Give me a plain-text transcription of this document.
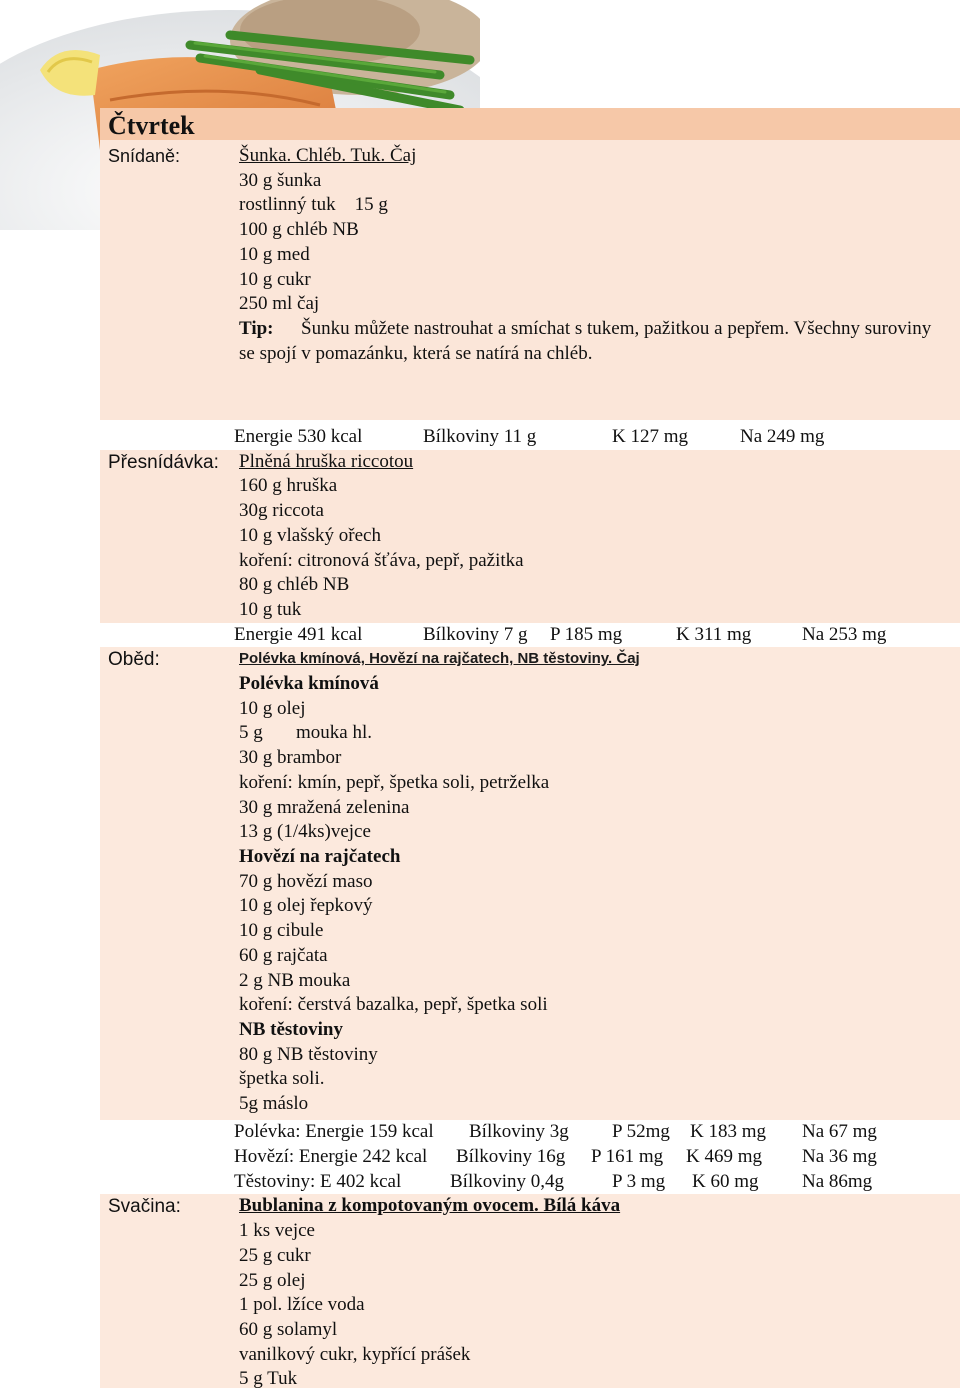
Čtvrtek
Snídaně:	Šunka. Chléb. Tuk. Čaj
30 g šunka
rostlinný tuk    15 g
100 g chléb NB
10 g med
10 g cukr
250 ml čaj
Tip: Šunku můžete nastrouhat a smíchat s tukem, pažitkou a pepřem. Všechny suroviny se spojí v pomazánku, která se natírá na chléb.
Energie 530 kcal	Bílkoviny 11 g	K 127 mg	Na 249 mg
Přesnídávka: Plněná hruška riccotou
160 g hruška
30g riccota
10 g vlašský ořech
koření: citronová šťáva, pepř, pažitka
80 g chléb NB
10 g tuk
Energie 491 kcal	Bílkoviny 7 g P 185 mg	K 311 mg	Na 253 mg
Oběd:	Polévka kmínová, Hovězí na rajčatech, NB těstoviny. Čaj
Polévka kmínová
10 g olej
5 g       mouka hl.
30 g brambor
koření: kmín, pepř, špetka soli, petrželka
30 g mražená zelenina
13 g (1/4ks)vejce
Hovězí na rajčatech
70 g hovězí maso
10 g olej řepkový
10 g cibule
60 g rajčata
2 g NB mouka
koření: čerstvá bazalka, pepř, špetka soli
NB těstoviny
80 g NB těstoviny
špetka soli.
5g máslo
Polévka: Energie 159 kcal Bílkoviny 3g P 52mg K 183 mg Na 67 mg
Hovězí: Energie 242 kcal Bílkoviny 16g P 161 mg K 469 mg Na 36 mg
Těstoviny: E 402 kcal	Bílkoviny 0,4g	P 3 mg K 60 mg Na 86mg
Svačina:	Bublanina z kompotovaným ovocem. Bílá káva
1 ks vejce
25 g cukr
25 g olej
1 pol. lžíce voda
60 g solamyl
vanilkový cukr, kypřící prášek
5 g Tuk
